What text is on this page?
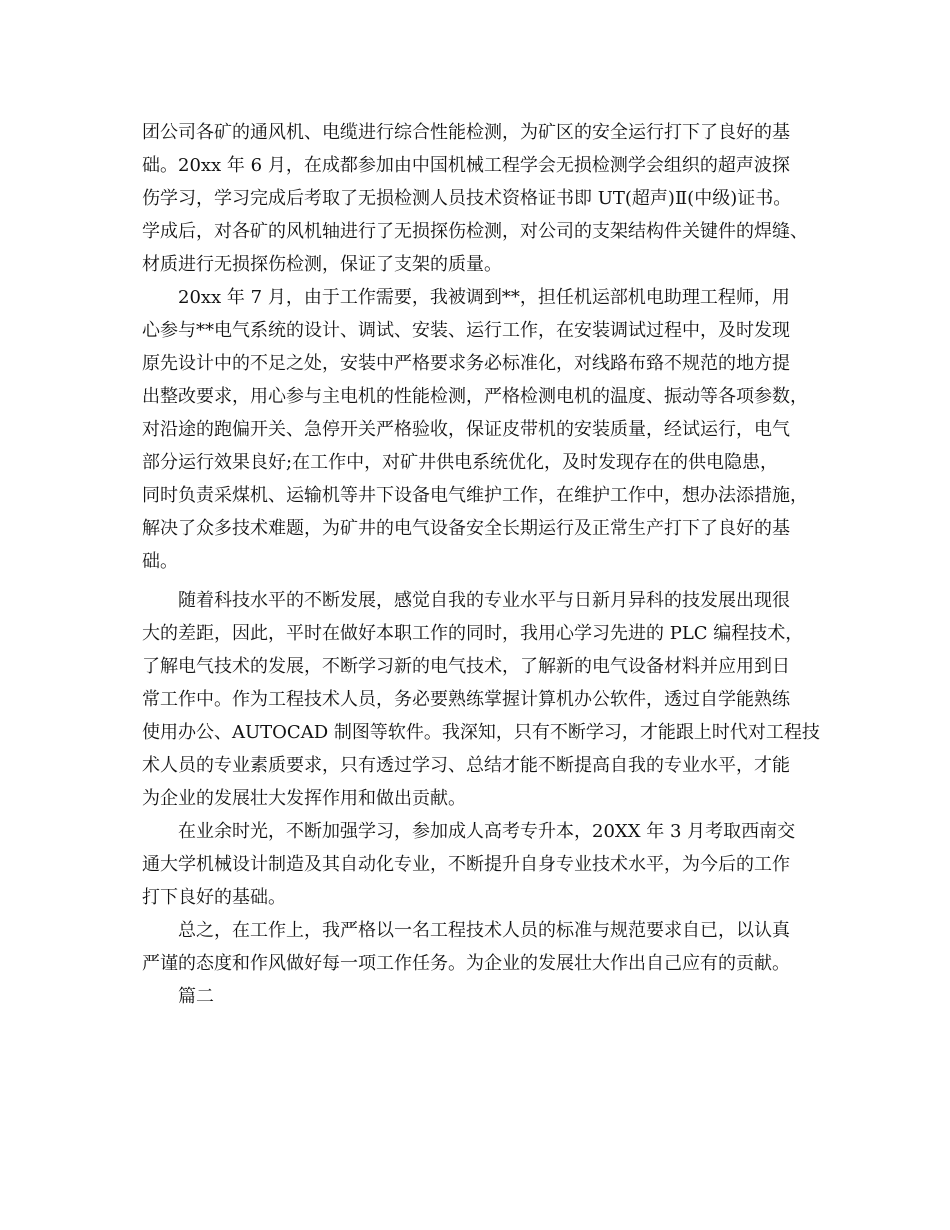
团公司各矿的通风机、电缆进行综合性能检测，为矿区的安全运行打下了良好的基
础。20xx 年 6 月，在成都参加由中国机械工程学会无损检测学会组织的超声波探
伤学习，学习完成后考取了无损检测人员技术资格证书即 UT(超声)Ⅱ(中级)证书。
学成后，对各矿的风机轴进行了无损探伤检测，对公司的支架结构件关键件的焊缝、
材质进行无损探伤检测，保证了支架的质量。
20xx 年 7 月，由于工作需要，我被调到**，担任机运部机电助理工程师，用
心参与**电气系统的设计、调试、安装、运行工作，在安装调试过程中，及时发现
原先设计中的不足之处，安装中严格要求务必标准化，对线路布臵不规范的地方提
出整改要求，用心参与主电机的性能检测，严格检测电机的温度、振动等各项参数，
对沿途的跑偏开关、急停开关严格验收，保证皮带机的安装质量，经试运行，电气
部分运行效果良好;在工作中，对矿井供电系统优化，及时发现存在的供电隐患，
同时负责采煤机、运输机等井下设备电气维护工作，在维护工作中，想办法添措施，
解决了众多技术难题，为矿井的电气设备安全长期运行及正常生产打下了良好的基
础。
随着科技水平的不断发展，感觉自我的专业水平与日新月异科的技发展出现很
大的差距，因此，平时在做好本职工作的同时，我用心学习先进的 PLC 编程技术，
了解电气技术的发展，不断学习新的电气技术，了解新的电气设备材料并应用到日
常工作中。作为工程技术人员，务必要熟练掌握计算机办公软件，透过自学能熟练
使用办公、AUTOCAD 制图等软件。我深知，只有不断学习，才能跟上时代对工程技
术人员的专业素质要求，只有透过学习、总结才能不断提高自我的专业水平，才能
为企业的发展壮大发挥作用和做出贡献。
在业余时光，不断加强学习，参加成人高考专升本，20XX 年 3 月考取西南交
通大学机械设计制造及其自动化专业，不断提升自身专业技术水平，为今后的工作
打下良好的基础。
总之，在工作上，我严格以一名工程技术人员的标准与规范要求自已，以认真
严谨的态度和作风做好每一项工作任务。为企业的发展壮大作出自己应有的贡献。
篇二
